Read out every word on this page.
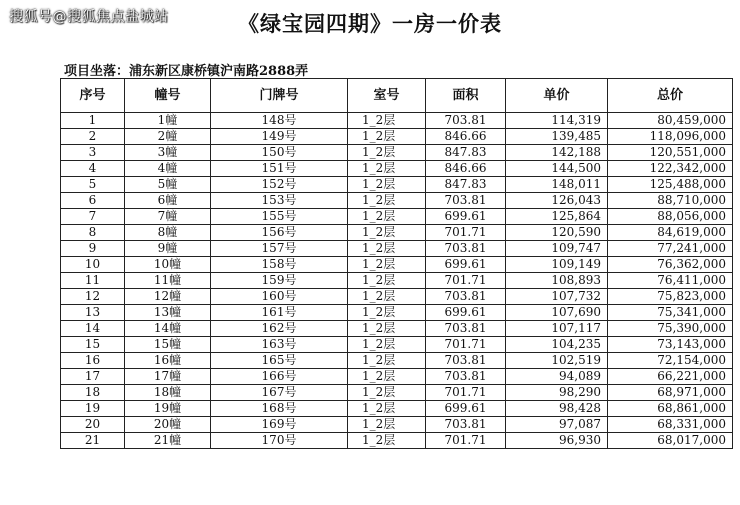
搜狐号@搜狐焦点盐城站	《绿宝园四期》一房一价表
项目坐落：浦东新区康桥镇沪南路2888弄
序号	幢号	门牌号	室号	面积	单价	总价
1	1幢	148号	1_2层	703.81	114,319	80,459,000
2	2幢	149号	1_2层	846.66	139,485	118,096,000
3	3幢	150号	1_2层	847.83	142,188	120,551,000
4	4幢	151号	1_2层	846.66	144,500	122,342,000
5	5幢	152号	1_2层	847.83	148,011	125,488,000
6	6幢	153号	1_2层	703.81	126,043	88,710,000
7	7幢	155号	1_2层	699.61	125,864	88,056,000
8	8幢	156号	1_2层	701.71	120,590	84,619,000
9	9幢	157号	1_2层	703.81	109,747	77,241,000
10	10幢	158号	1_2层	699.61	109,149	76,362,000
11	11幢	159号	1_2层	701.71	108,893	76,411,000
12	12幢	160号	1_2层	703.81	107,732	75,823,000
13	13幢	161号	1_2层	699.61	107,690	75,341,000
14	14幢	162号	1_2层	703.81	107,117	75,390,000
15	15幢	163号	1_2层	701.71	104,235	73,143,000
16	16幢	165号	1_2层	703.81	102,519	72,154,000
17	17幢	166号	1_2层	703.81	94,089	66,221,000
18	18幢	167号	1_2层	701.71	98,290	68,971,000
19	19幢	168号	1_2层	699.61	98,428	68,861,000
20	20幢	169号	1_2层	703.81	97,087	68,331,000
21	21幢	170号	1_2层	701.71	96,930	68,017,000
